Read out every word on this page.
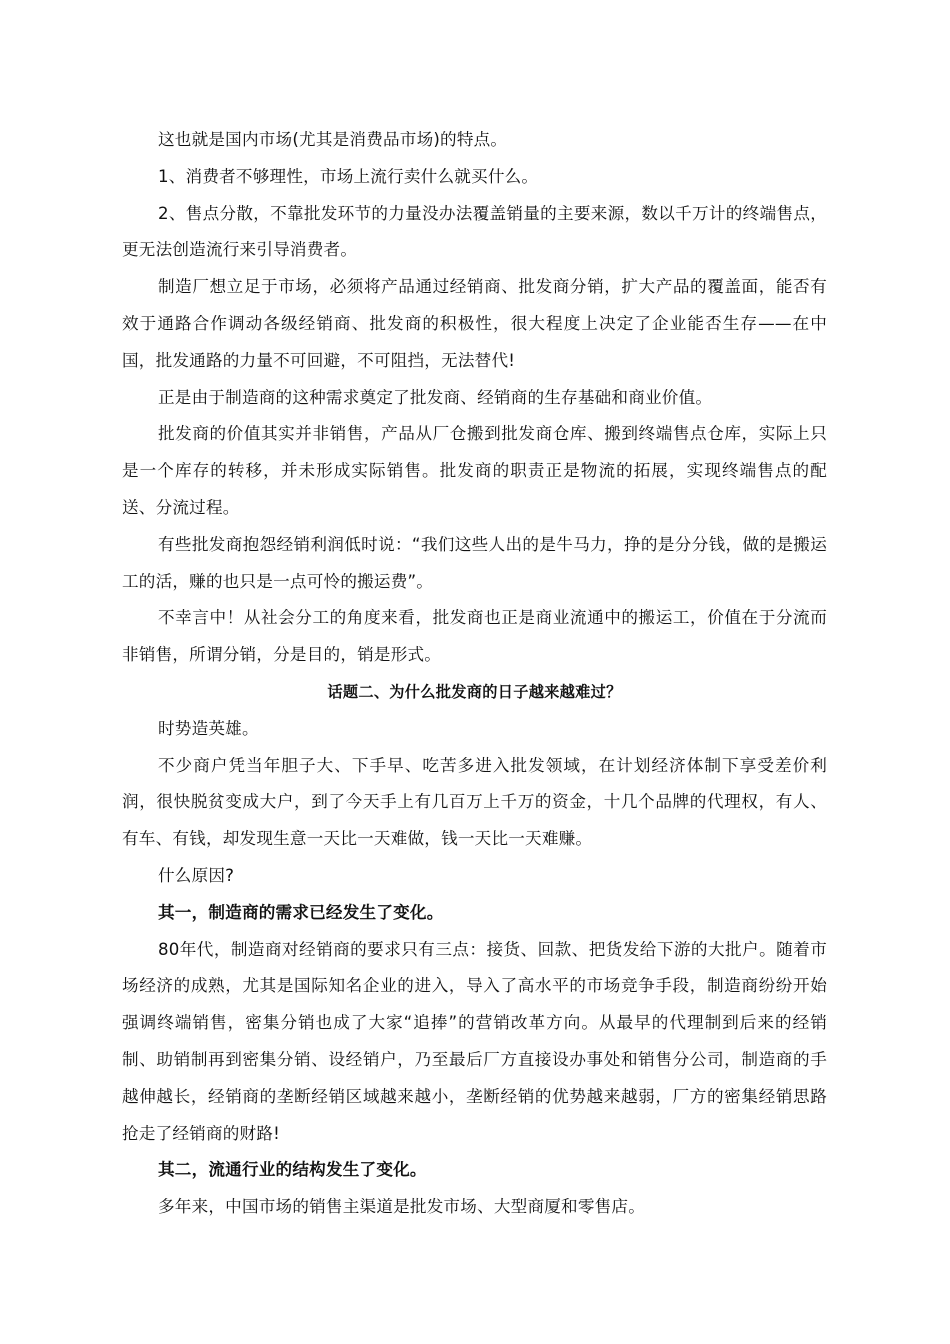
这也就是国内市场(尤其是消费品市场)的特点。

1、消费者不够理性，市场上流行卖什么就买什么。

2、售点分散，不靠批发环节的力量没办法覆盖销量的主要来源，数以千万计的终端售点，更无法创造流行来引导消费者。

制造厂想立足于市场，必须将产品通过经销商、批发商分销，扩大产品的覆盖面，能否有效于通路合作调动各级经销商、批发商的积极性，很大程度上决定了企业能否生存——在中国，批发通路的力量不可回避，不可阻挡，无法替代!

正是由于制造商的这种需求奠定了批发商、经销商的生存基础和商业价值。

批发商的价值其实并非销售，产品从厂仓搬到批发商仓库、搬到终端售点仓库，实际上只是一个库存的转移，并未形成实际销售。批发商的职责正是物流的拓展，实现终端售点的配送、分流过程。

有些批发商抱怨经销利润低时说：“我们这些人出的是牛马力，挣的是分分钱，做的是搬运工的活，赚的也只是一点可怜的搬运费”。

不幸言中！从社会分工的角度来看，批发商也正是商业流通中的搬运工，价值在于分流而非销售，所谓分销，分是目的，销是形式。

话题二、为什么批发商的日子越来越难过？

时势造英雄。

不少商户凭当年胆子大、下手早、吃苦多进入批发领域，在计划经济体制下享受差价利润，很快脱贫变成大户，到了今天手上有几百万上千万的资金，十几个品牌的代理权，有人、有车、有钱，却发现生意一天比一天难做，钱一天比一天难赚。

什么原因?

其一，制造商的需求已经发生了变化。

80年代，制造商对经销商的要求只有三点：接货、回款、把货发给下游的大批户。随着市场经济的成熟，尤其是国际知名企业的进入，导入了高水平的市场竞争手段，制造商纷纷开始强调终端销售，密集分销也成了大家“追捧”的营销改革方向。从最早的代理制到后来的经销制、助销制再到密集分销、设经销户，乃至最后厂方直接设办事处和销售分公司，制造商的手越伸越长，经销商的垄断经销区域越来越小，垄断经销的优势越来越弱，厂方的密集经销思路抢走了经销商的财路!

其二，流通行业的结构发生了变化。

多年来，中国市场的销售主渠道是批发市场、大型商厦和零售店。
